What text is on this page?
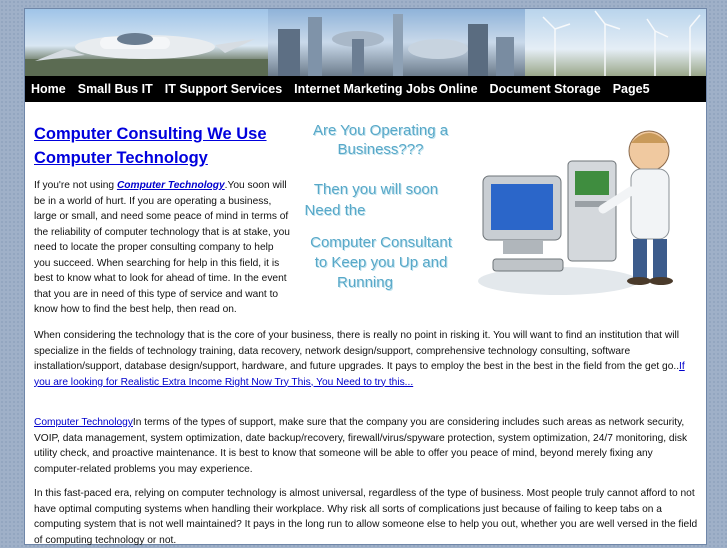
Home Small Bus IT IT Support Services Internet Marketing Jobs Online Document Storage Page5
Computer Consulting We Use Computer Technology
If you're not using Computer Technology.You soon will be in a world of hurt. If you are operating a business, large or small, and need some peace of mind in terms of the reliability of computer technology that is at stake, you need to locate the proper consulting company to help you succeed. When searching for help in this field, it is best to know what to look for ahead of time. In the event that you are in need of this type of service and want to know how to find the best help, then read on.
Are You Operating a
Business???
Then you will soon
Need the
Computer Consultant
to Keep you Up and
Running
When considering the technology that is the core of your business, there is really no point in risking it. You will want to find an institution that will specialize in the fields of technology training, data recovery, network design/support, comprehensive technology consulting, software installation/support, database design/support, hardware, and future upgrades. It pays to employ the best in the best in the field from the get go..If you are looking for Realistic Extra Income Right Now Try This, You Need to try this...
Computer TechnologyIn terms of the types of support, make sure that the company you are considering includes such areas as network security, VOIP, data management, system optimization, date backup/recovery, firewall/virus/spyware protection, system optimization, 24/7 monitoring, disk utility check, and proactive maintenance. It is best to know that someone will be able to offer you peace of mind, beyond merely fixing any computer-related problems you may experience.
In this fast-paced era, relying on computer technology is almost universal, regardless of the type of business. Most people truly cannot afford to not have optimal computing systems when handling their workplace. Why risk all sorts of complications just because of failing to keep tabs on a computing system that is not well maintained? It pays in the long run to allow someone else to help you out, whether you are well versed in the field of computing technology or not.
